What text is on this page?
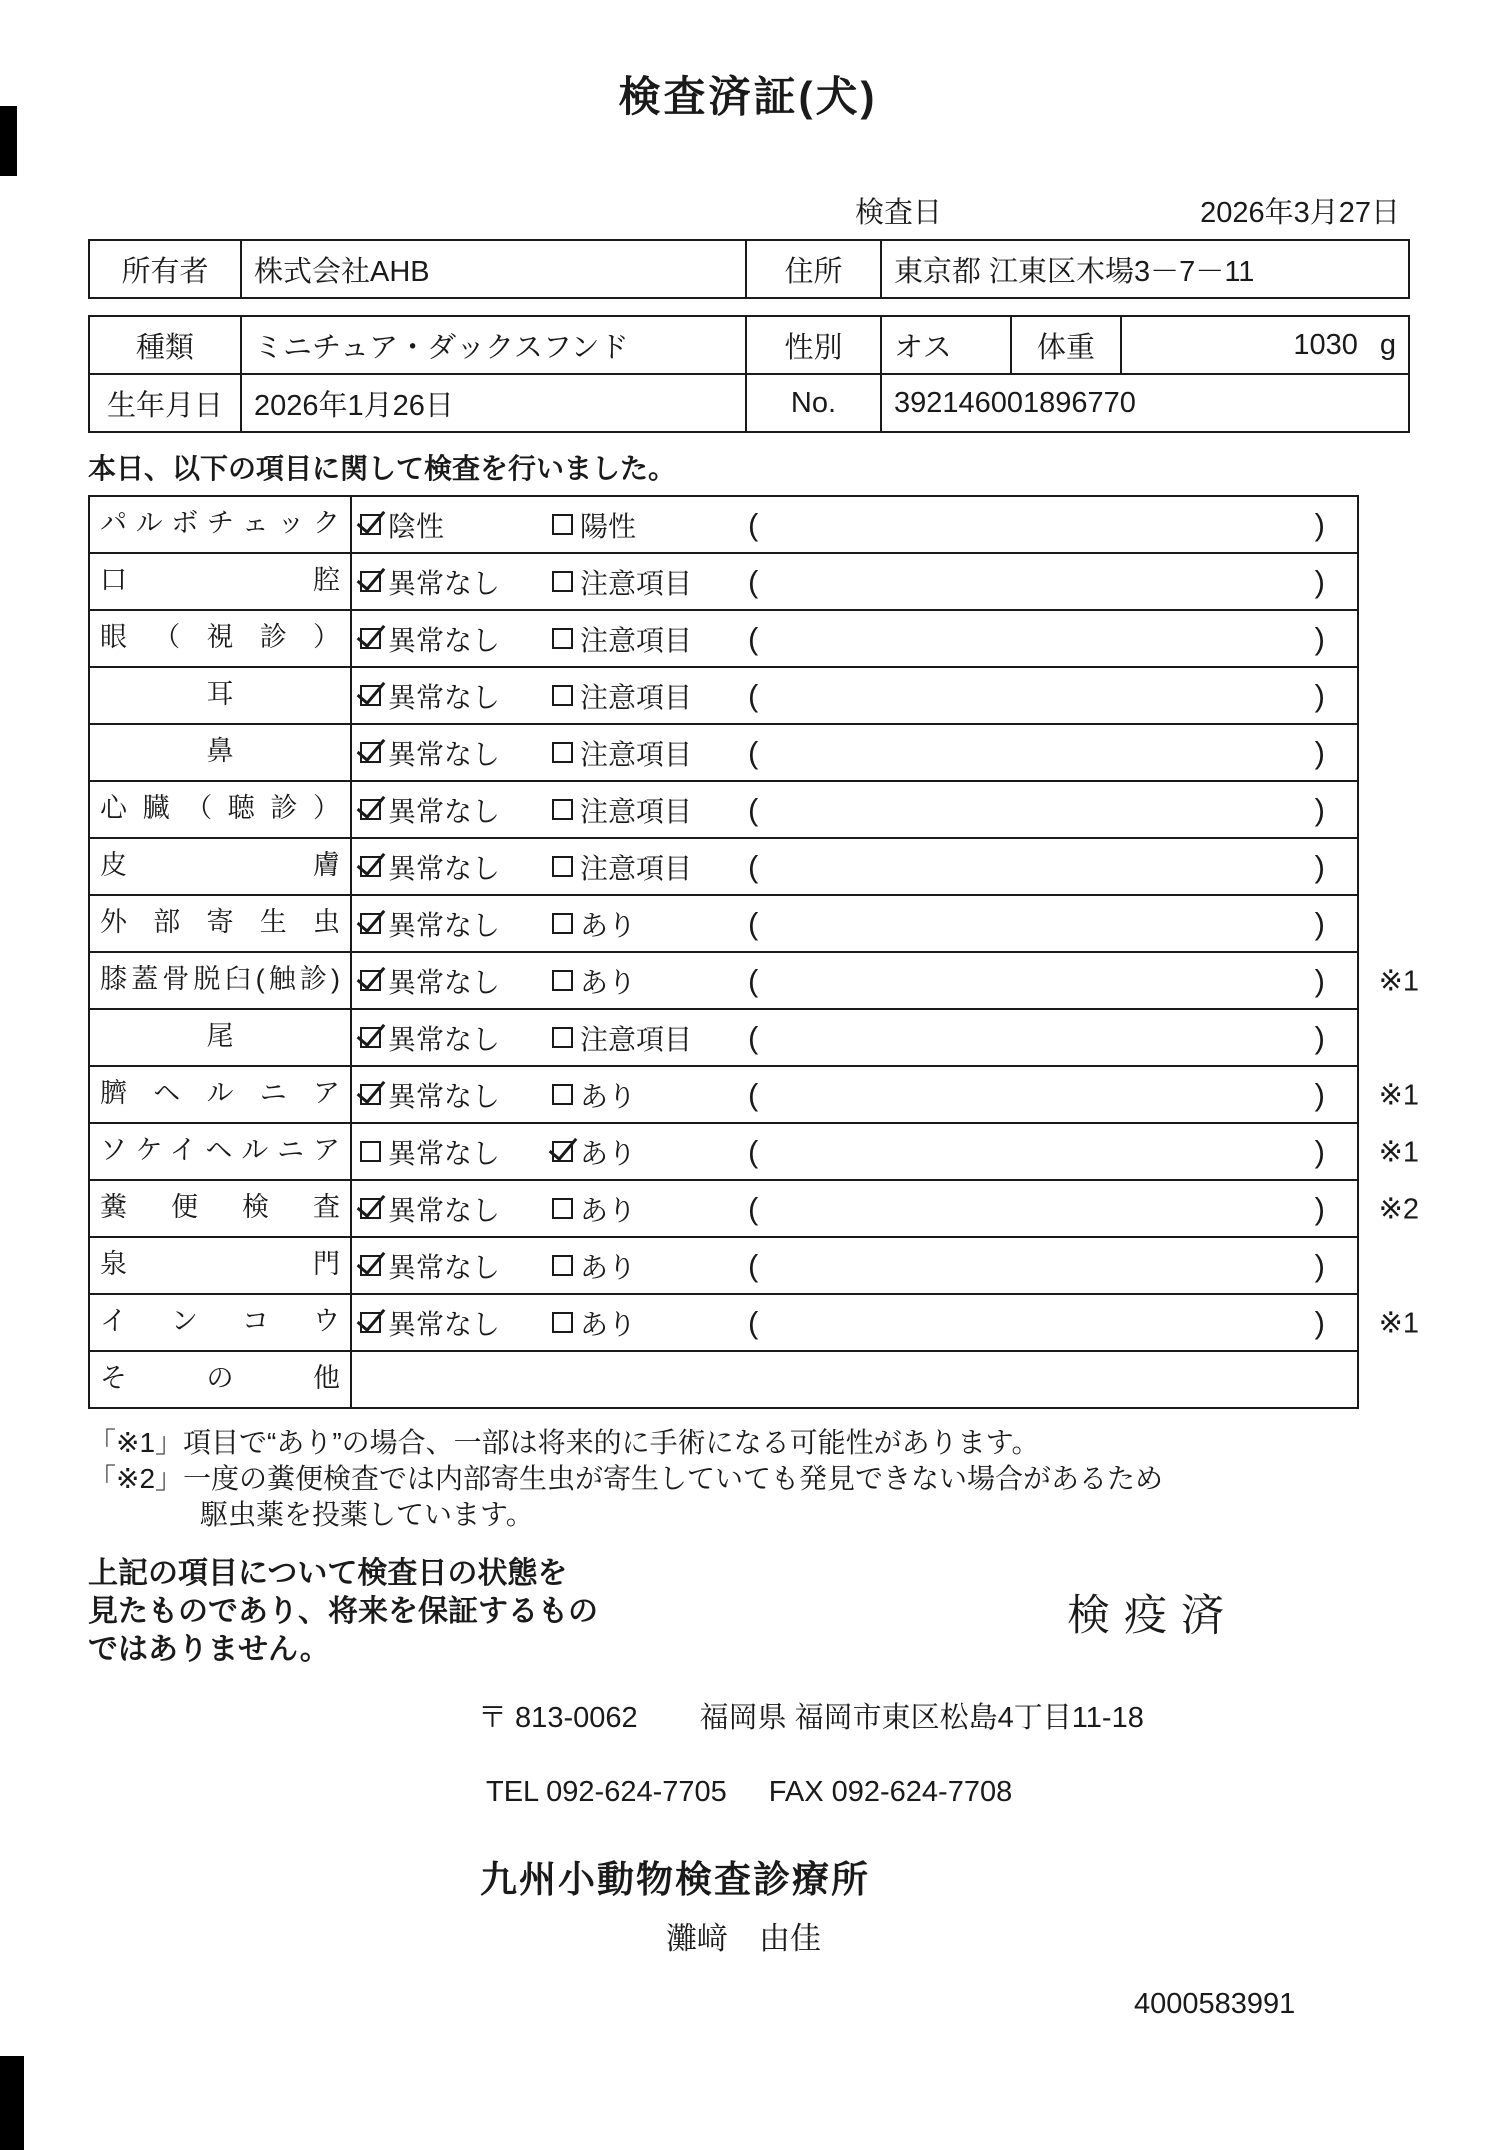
検査済証(犬)
検査日	2026年3月27日
所有者	株式会社AHB	住所	東京都 江東区木場3－7－11
種類	ミニチュア・ダックスフンド	性別	オス	体重	1030 g
生年月日	2026年1月26日	No.	392146001896770		

本日、以下の項目に関して検査を行いました。

パルボチェック	陰性	陽性	(	)
口腔	異常なし	注意項目 (	)
眼（視診）	異常なし	注意項目 (	)
耳	異常なし	注意項目 (	)
鼻	異常なし	注意項目 (	)
心臓（聴診）	異常なし	注意項目 (	)
皮膚	異常なし	注意項目 (	)
外部寄生虫	異常なし	あり	(	)
膝蓋骨脱臼(触診)	異常なし	あり	(	) ※1
尾	異常なし	注意項目 (	)
臍ヘルニア	異常なし	あり	(	) ※1
ソケイヘルニア	異常なし	あり	(	) ※1
糞便検査	異常なし	あり	(	) ※2
泉門	異常なし	あり	(	)
インコウ	異常なし	あり	(	) ※1
その他

「※1」項目で“あり”の場合、一部は将来的に手術になる可能性があります。

「※2」一度の糞便検査では内部寄生虫が寄生していても発見できない場合があるため

駆虫薬を投薬しています。

上記の項目について検査日の状態を
見たものであり、将来を保証するもの
ではありません。
検疫済
〒 813-0062 福岡県 福岡市東区松島4丁目11-18
TEL 092-624-7705 FAX 092-624-7708
九州小動物検査診療所
灘﨑　由佳
4000583991
